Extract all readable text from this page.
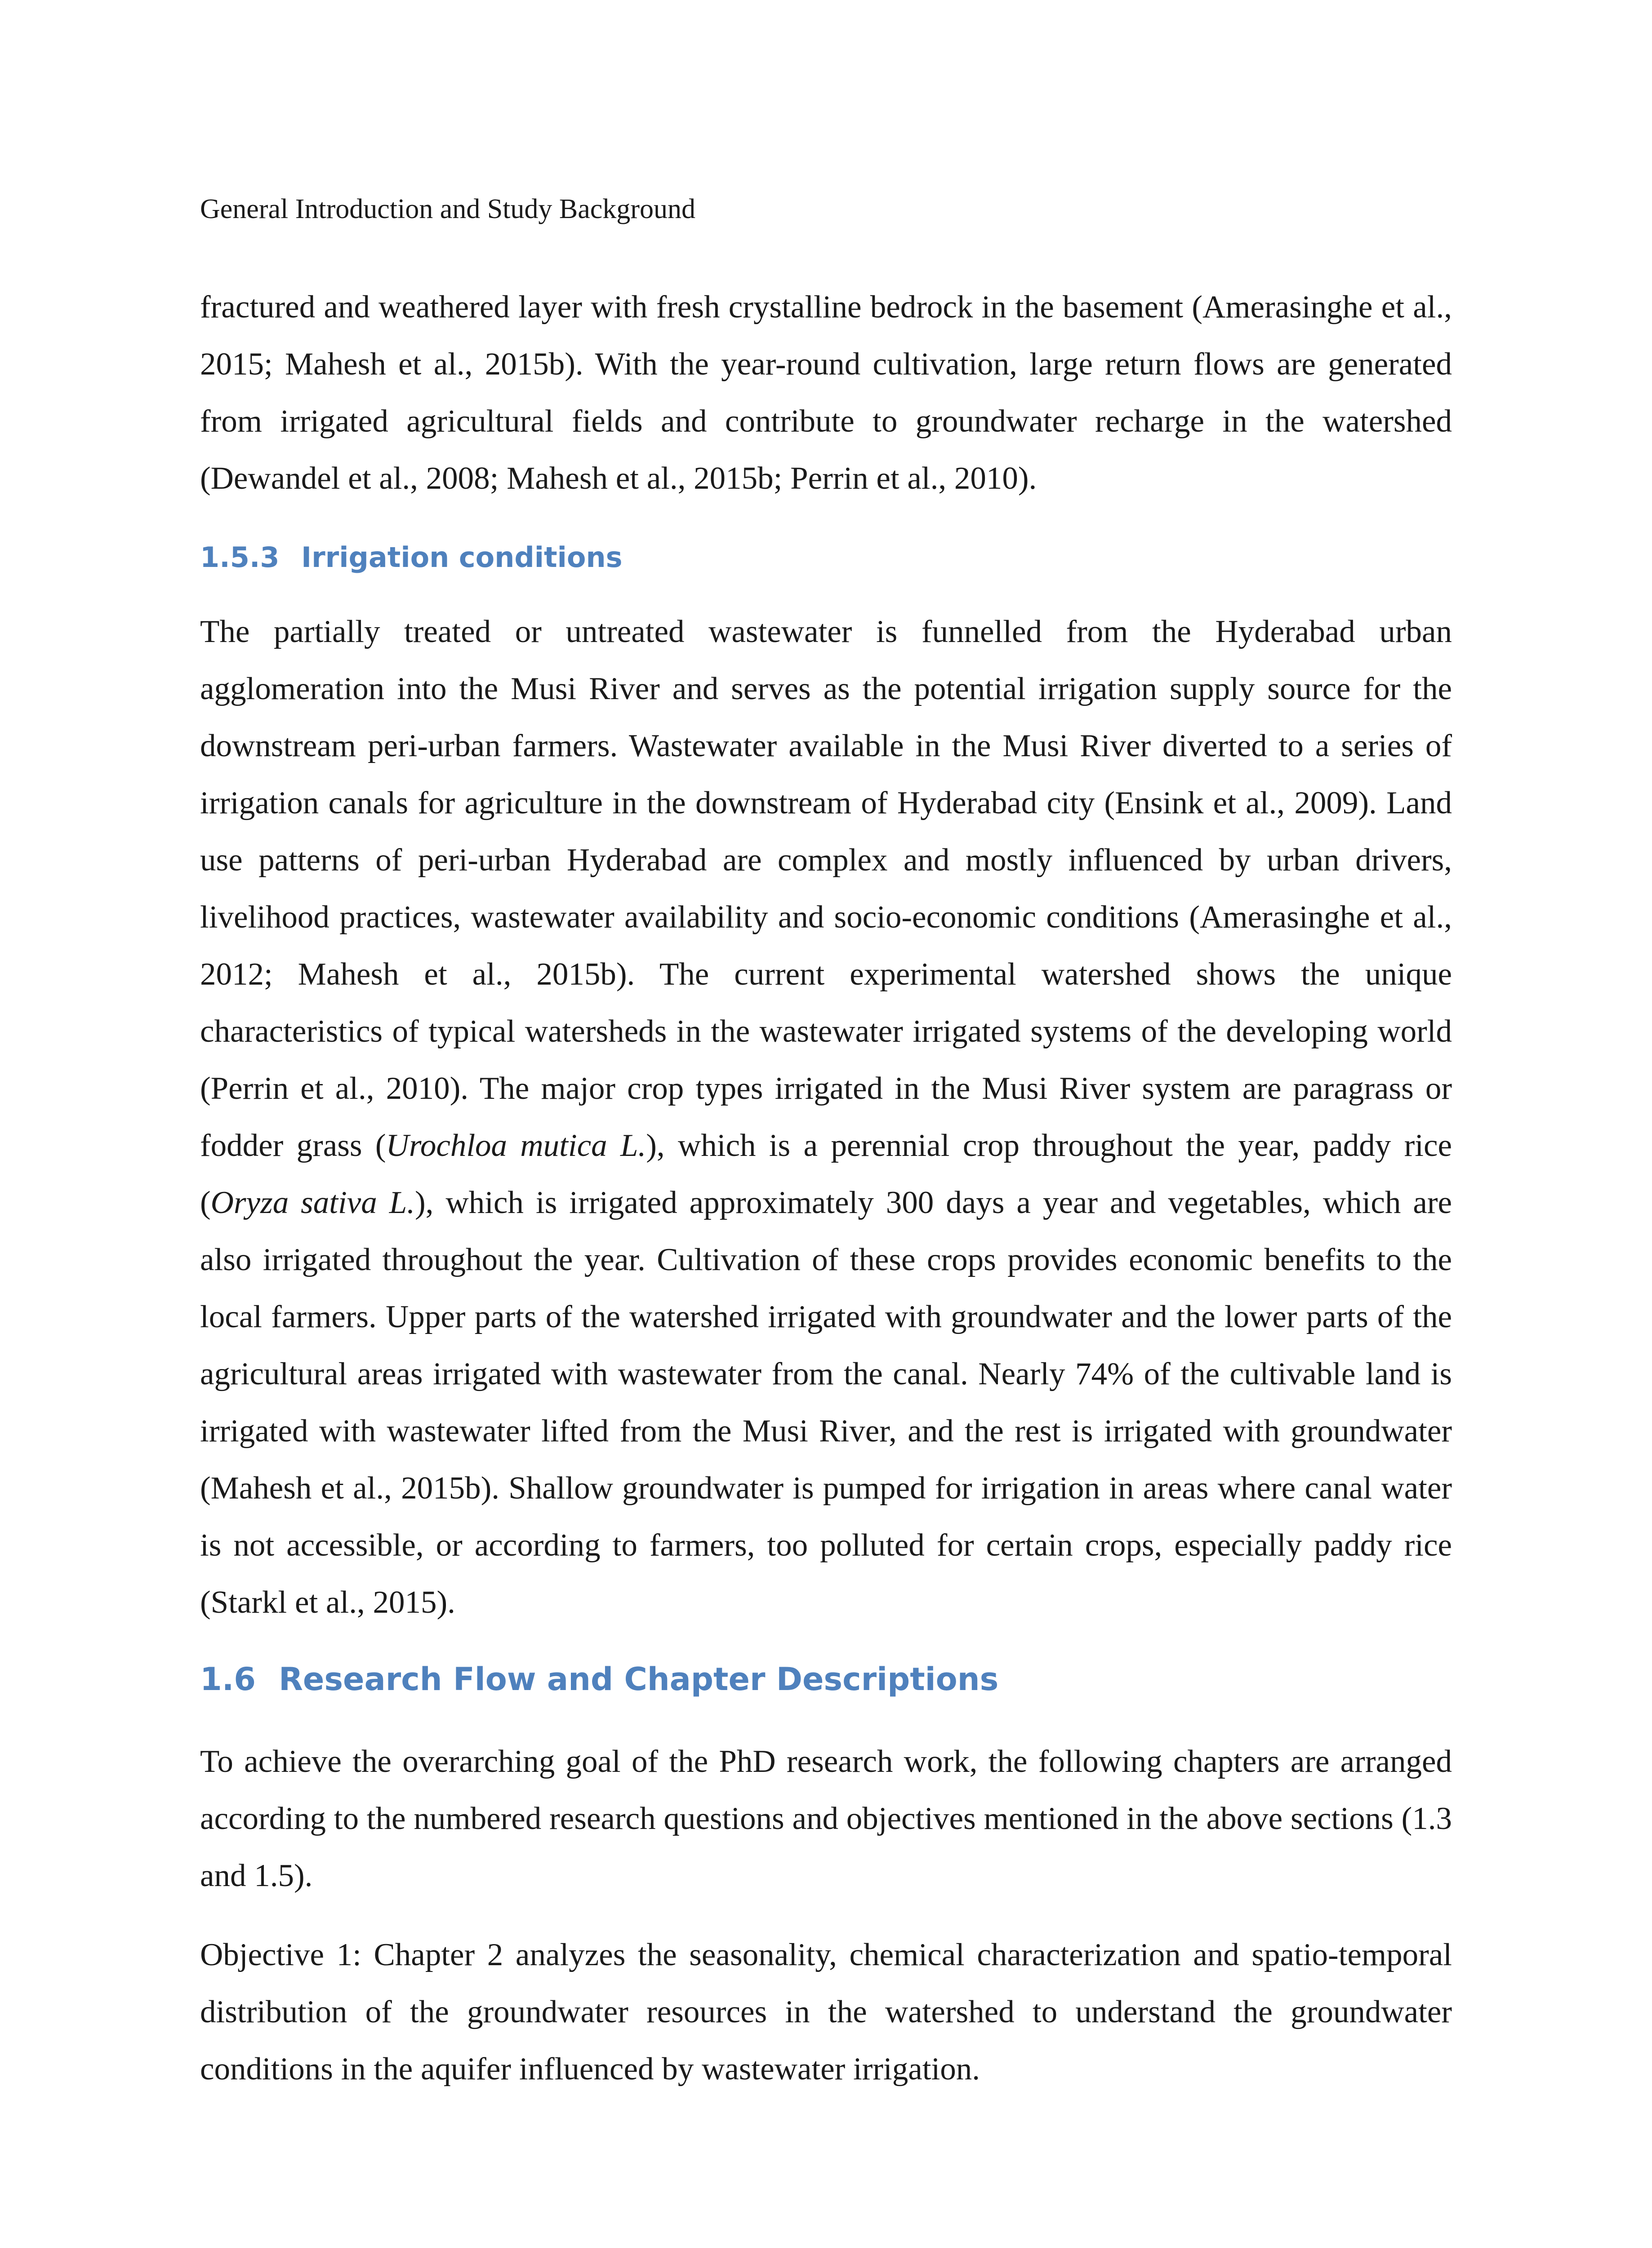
General Introduction and Study Background

fractured and weathered layer with fresh crystalline bedrock in the basement (Amerasinghe et al., 2015; Mahesh et al., 2015b). With the year-round cultivation, large return flows are generated from irrigated agricultural fields and contribute to groundwater recharge in the watershed (Dewandel et al., 2008; Mahesh et al., 2015b; Perrin et al., 2010).

1.5.3 Irrigation conditions

The partially treated or untreated wastewater is funnelled from the Hyderabad urban agglomeration into the Musi River and serves as the potential irrigation supply source for the downstream peri-urban farmers. Wastewater available in the Musi River diverted to a series of irrigation canals for agriculture in the downstream of Hyderabad city (Ensink et al., 2009). Land use patterns of peri-urban Hyderabad are complex and mostly influenced by urban drivers, livelihood practices, wastewater availability and socio-economic conditions (Amerasinghe et al., 2012; Mahesh et al., 2015b). The current experimental watershed shows the unique characteristics of typical watersheds in the wastewater irrigated systems of the developing world (Perrin et al., 2010). The major crop types irrigated in the Musi River system are paragrass or fodder grass (Urochloa mutica L.), which is a perennial crop throughout the year, paddy rice (Oryza sativa L.), which is irrigated approximately 300 days a year and vegetables, which are also irrigated throughout the year. Cultivation of these crops provides economic benefits to the local farmers. Upper parts of the watershed irrigated with groundwater and the lower parts of the agricultural areas irrigated with wastewater from the canal. Nearly 74% of the cultivable land is irrigated with wastewater lifted from the Musi River, and the rest is irrigated with groundwater (Mahesh et al., 2015b). Shallow groundwater is pumped for irrigation in areas where canal water is not accessible, or according to farmers, too polluted for certain crops, especially paddy rice (Starkl et al., 2015).

1.6 Research Flow and Chapter Descriptions

To achieve the overarching goal of the PhD research work, the following chapters are arranged according to the numbered research questions and objectives mentioned in the above sections (1.3 and 1.5).

Objective 1: Chapter 2 analyzes the seasonality, chemical characterization and spatio-temporal distribution of the groundwater resources in the watershed to understand the groundwater conditions in the aquifer influenced by wastewater irrigation.
